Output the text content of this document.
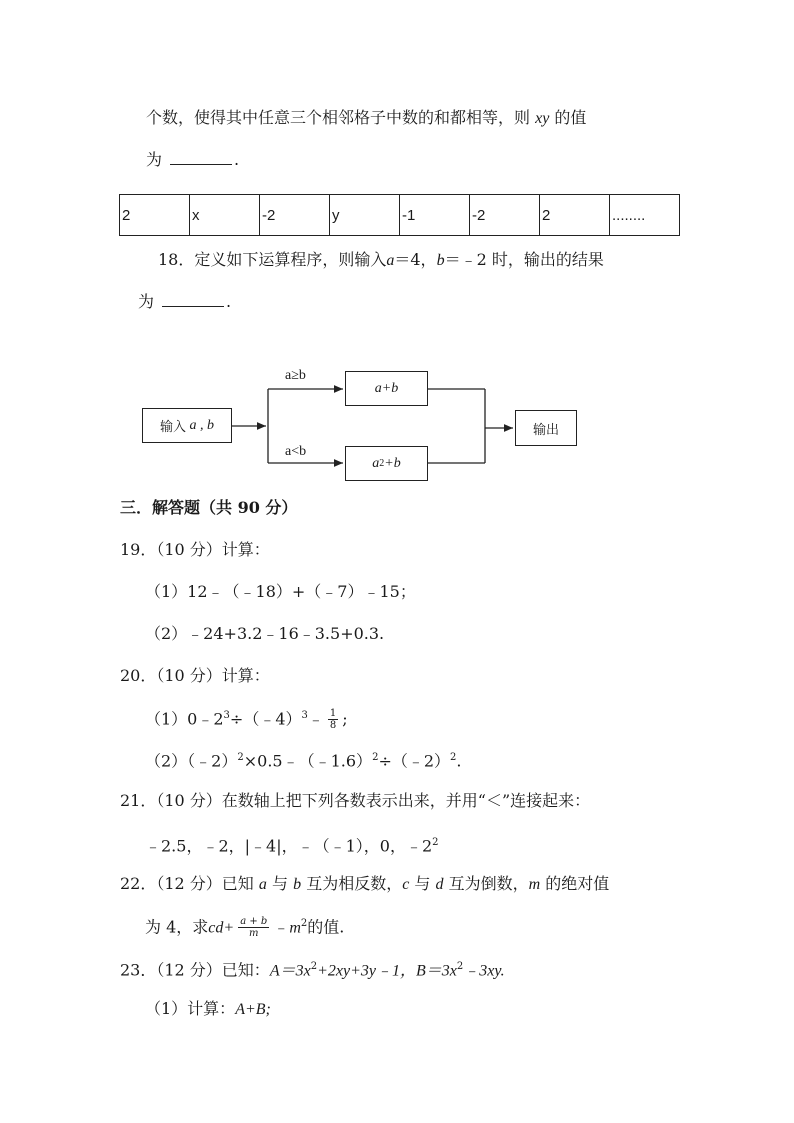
个数，使得其中任意三个相邻格子中数的和都相等，则 xy 的值
为	.
2	x	-2	y	-1	-2	2	........
18．定义如下运算程序，则输入a＝4，b＝﹣2 时，输出的结果
为	.
输入
a , b
a≥b
a<b
a+b
a 2 +b
输出
三．解答题（共 90 分）
19．（10 分）计算：
（1）12﹣（﹣18）+（﹣7）﹣15；
（2）﹣24+3.2﹣16﹣3.5+0.3.
20．（10 分）计算：
$(1)0﹣2^3\div(﹣4)^3﹣ \frac{1}{8}$ ;
（2）（﹣2）$^2$×0.5﹣（﹣1.6）$^2$÷（﹣2）$^2$.
21．（10 分）在数轴上把下列各数表示出来，并用“＜”连接起来：
﹣2.5，﹣2，|﹣4|，﹣（﹣1），0，$﹣2^2$
22．（12 分）已知 a 与 b 互为相反数，c 与 d 互为倒数，m 的绝对值
为 4，求$cd+ \frac{a + b}{m}$ $﹣m^2$的值.
23．（12 分）已知：$A=3x^2+2xy+3y﹣1$，$B=3x^2﹣3xy$.
（1）计算：A+B;
